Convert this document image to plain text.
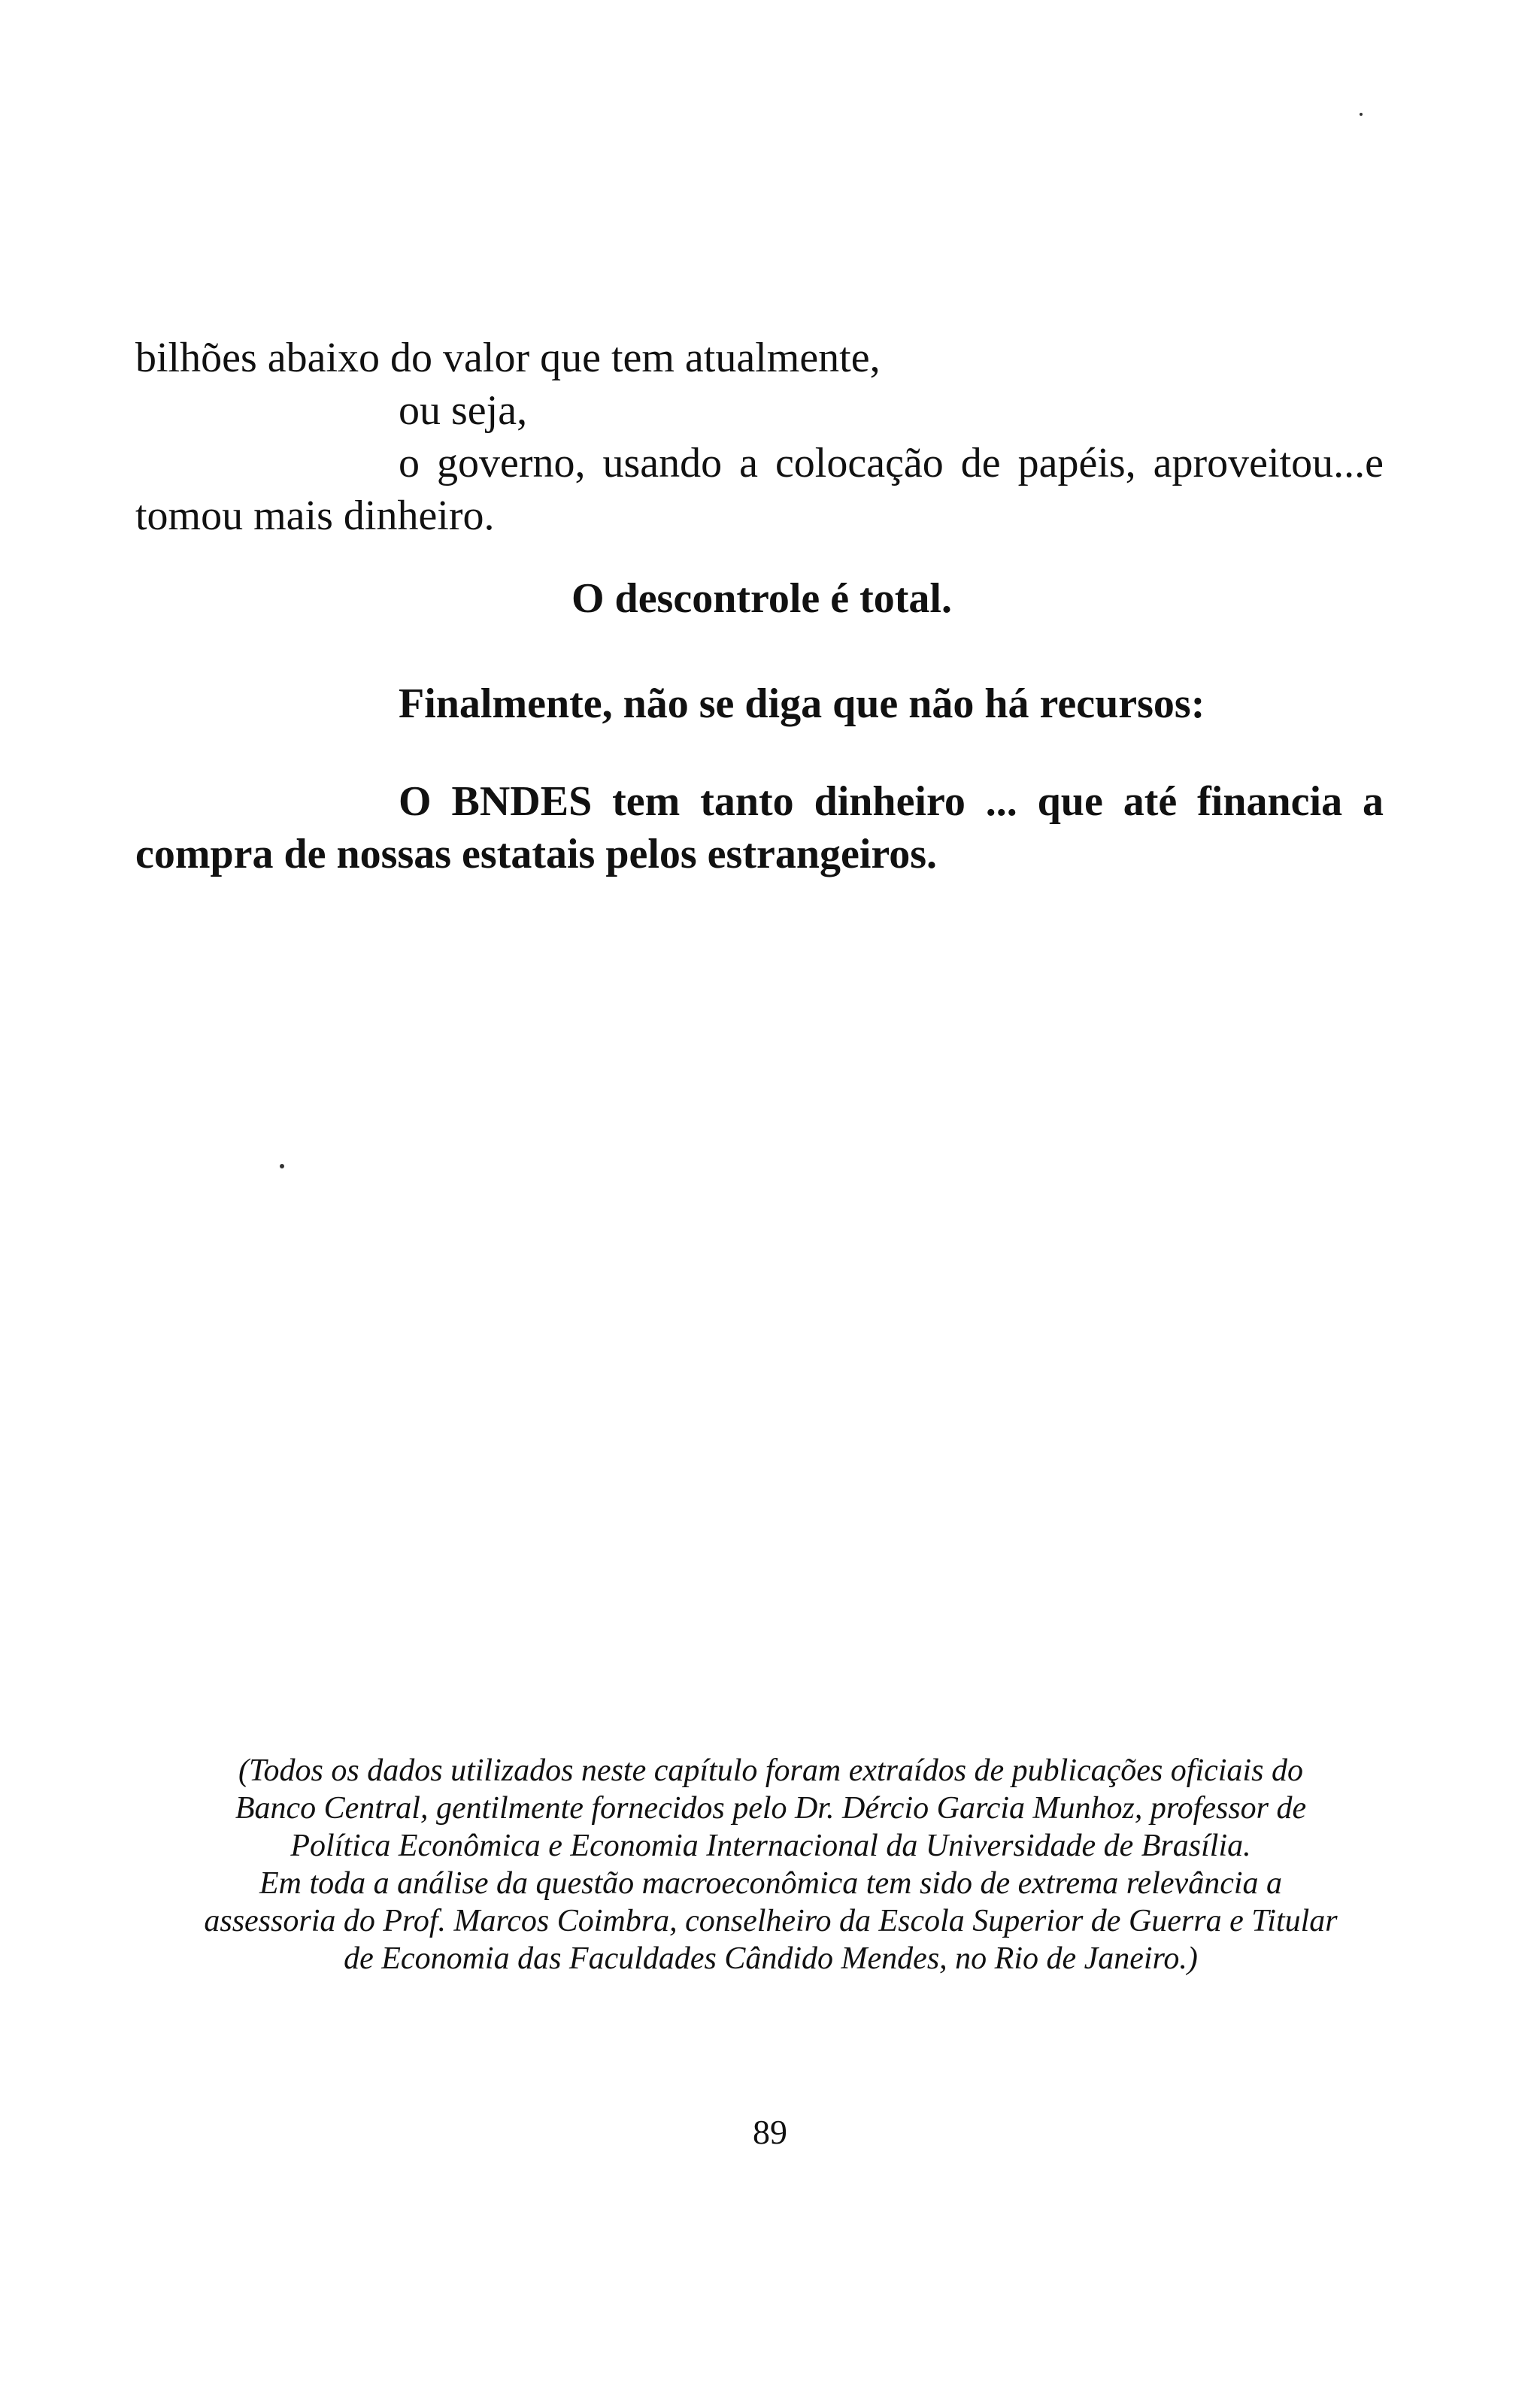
bilhões abaixo do valor que tem atualmente,
ou seja,
o governo, usando a colocação de papéis, aproveitou...e
tomou mais dinheiro.
O descontrole é total.
Finalmente, não se diga que não há recursos:
O BNDES tem tanto dinheiro ... que até financia a
compra de nossas estatais pelos estrangeiros.
(Todos os dados utilizados neste capítulo foram extraídos de publicações oficiais do
Banco Central, gentilmente fornecidos pelo Dr. Dércio Garcia Munhoz, professor de
Política Econômica e Economia Internacional da Universidade de Brasília.
Em toda a análise da questão macroeconômica tem sido de extrema relevância a
assessoria do Prof. Marcos Coimbra, conselheiro da Escola Superior de Guerra e Titular
de Economia das Faculdades Cândido Mendes, no Rio de Janeiro.)
89
